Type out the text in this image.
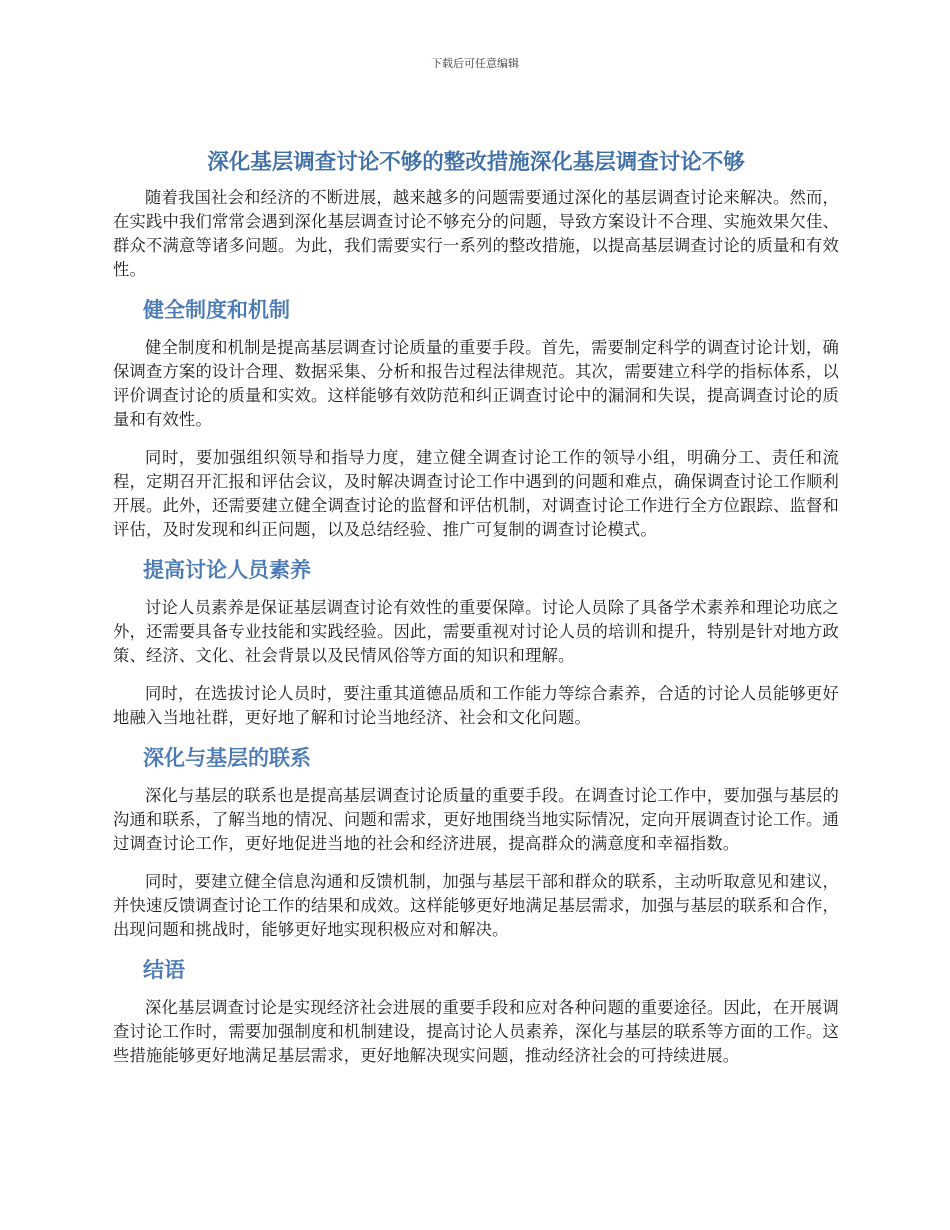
下载后可任意编辑
深化基层调查讨论不够的整改措施深化基层调查讨论不够

随着我国社会和经济的不断进展，越来越多的问题需要通过深化的基层调查讨论来解决。然而，在实践中我们常常会遇到深化基层调查讨论不够充分的问题，导致方案设计不合理、实施效果欠佳、群众不满意等诸多问题。为此，我们需要实行一系列的整改措施，以提高基层调查讨论的质量和有效性。

健全制度和机制

健全制度和机制是提高基层调查讨论质量的重要手段。首先，需要制定科学的调查讨论计划，确保调查方案的设计合理、数据采集、分析和报告过程法律规范。其次，需要建立科学的指标体系，以评价调查讨论的质量和实效。这样能够有效防范和纠正调查讨论中的漏洞和失误，提高调查讨论的质量和有效性。

同时，要加强组织领导和指导力度，建立健全调查讨论工作的领导小组，明确分工、责任和流程，定期召开汇报和评估会议，及时解决调查讨论工作中遇到的问题和难点，确保调查讨论工作顺利开展。此外，还需要建立健全调查讨论的监督和评估机制，对调查讨论工作进行全方位跟踪、监督和评估，及时发现和纠正问题，以及总结经验、推广可复制的调查讨论模式。

提高讨论人员素养

讨论人员素养是保证基层调查讨论有效性的重要保障。讨论人员除了具备学术素养和理论功底之外，还需要具备专业技能和实践经验。因此，需要重视对讨论人员的培训和提升，特别是针对地方政策、经济、文化、社会背景以及民情风俗等方面的知识和理解。

同时，在选拔讨论人员时，要注重其道德品质和工作能力等综合素养，合适的讨论人员能够更好地融入当地社群，更好地了解和讨论当地经济、社会和文化问题。

深化与基层的联系

深化与基层的联系也是提高基层调查讨论质量的重要手段。在调查讨论工作中，要加强与基层的沟通和联系，了解当地的情况、问题和需求，更好地围绕当地实际情况，定向开展调查讨论工作。通过调查讨论工作，更好地促进当地的社会和经济进展，提高群众的满意度和幸福指数。

同时，要建立健全信息沟通和反馈机制，加强与基层干部和群众的联系，主动听取意见和建议，并快速反馈调查讨论工作的结果和成效。这样能够更好地满足基层需求，加强与基层的联系和合作，出现问题和挑战时，能够更好地实现积极应对和解决。

结语

深化基层调查讨论是实现经济社会进展的重要手段和应对各种问题的重要途径。因此，在开展调查讨论工作时，需要加强制度和机制建设，提高讨论人员素养，深化与基层的联系等方面的工作。这些措施能够更好地满足基层需求，更好地解决现实问题，推动经济社会的可持续进展。
